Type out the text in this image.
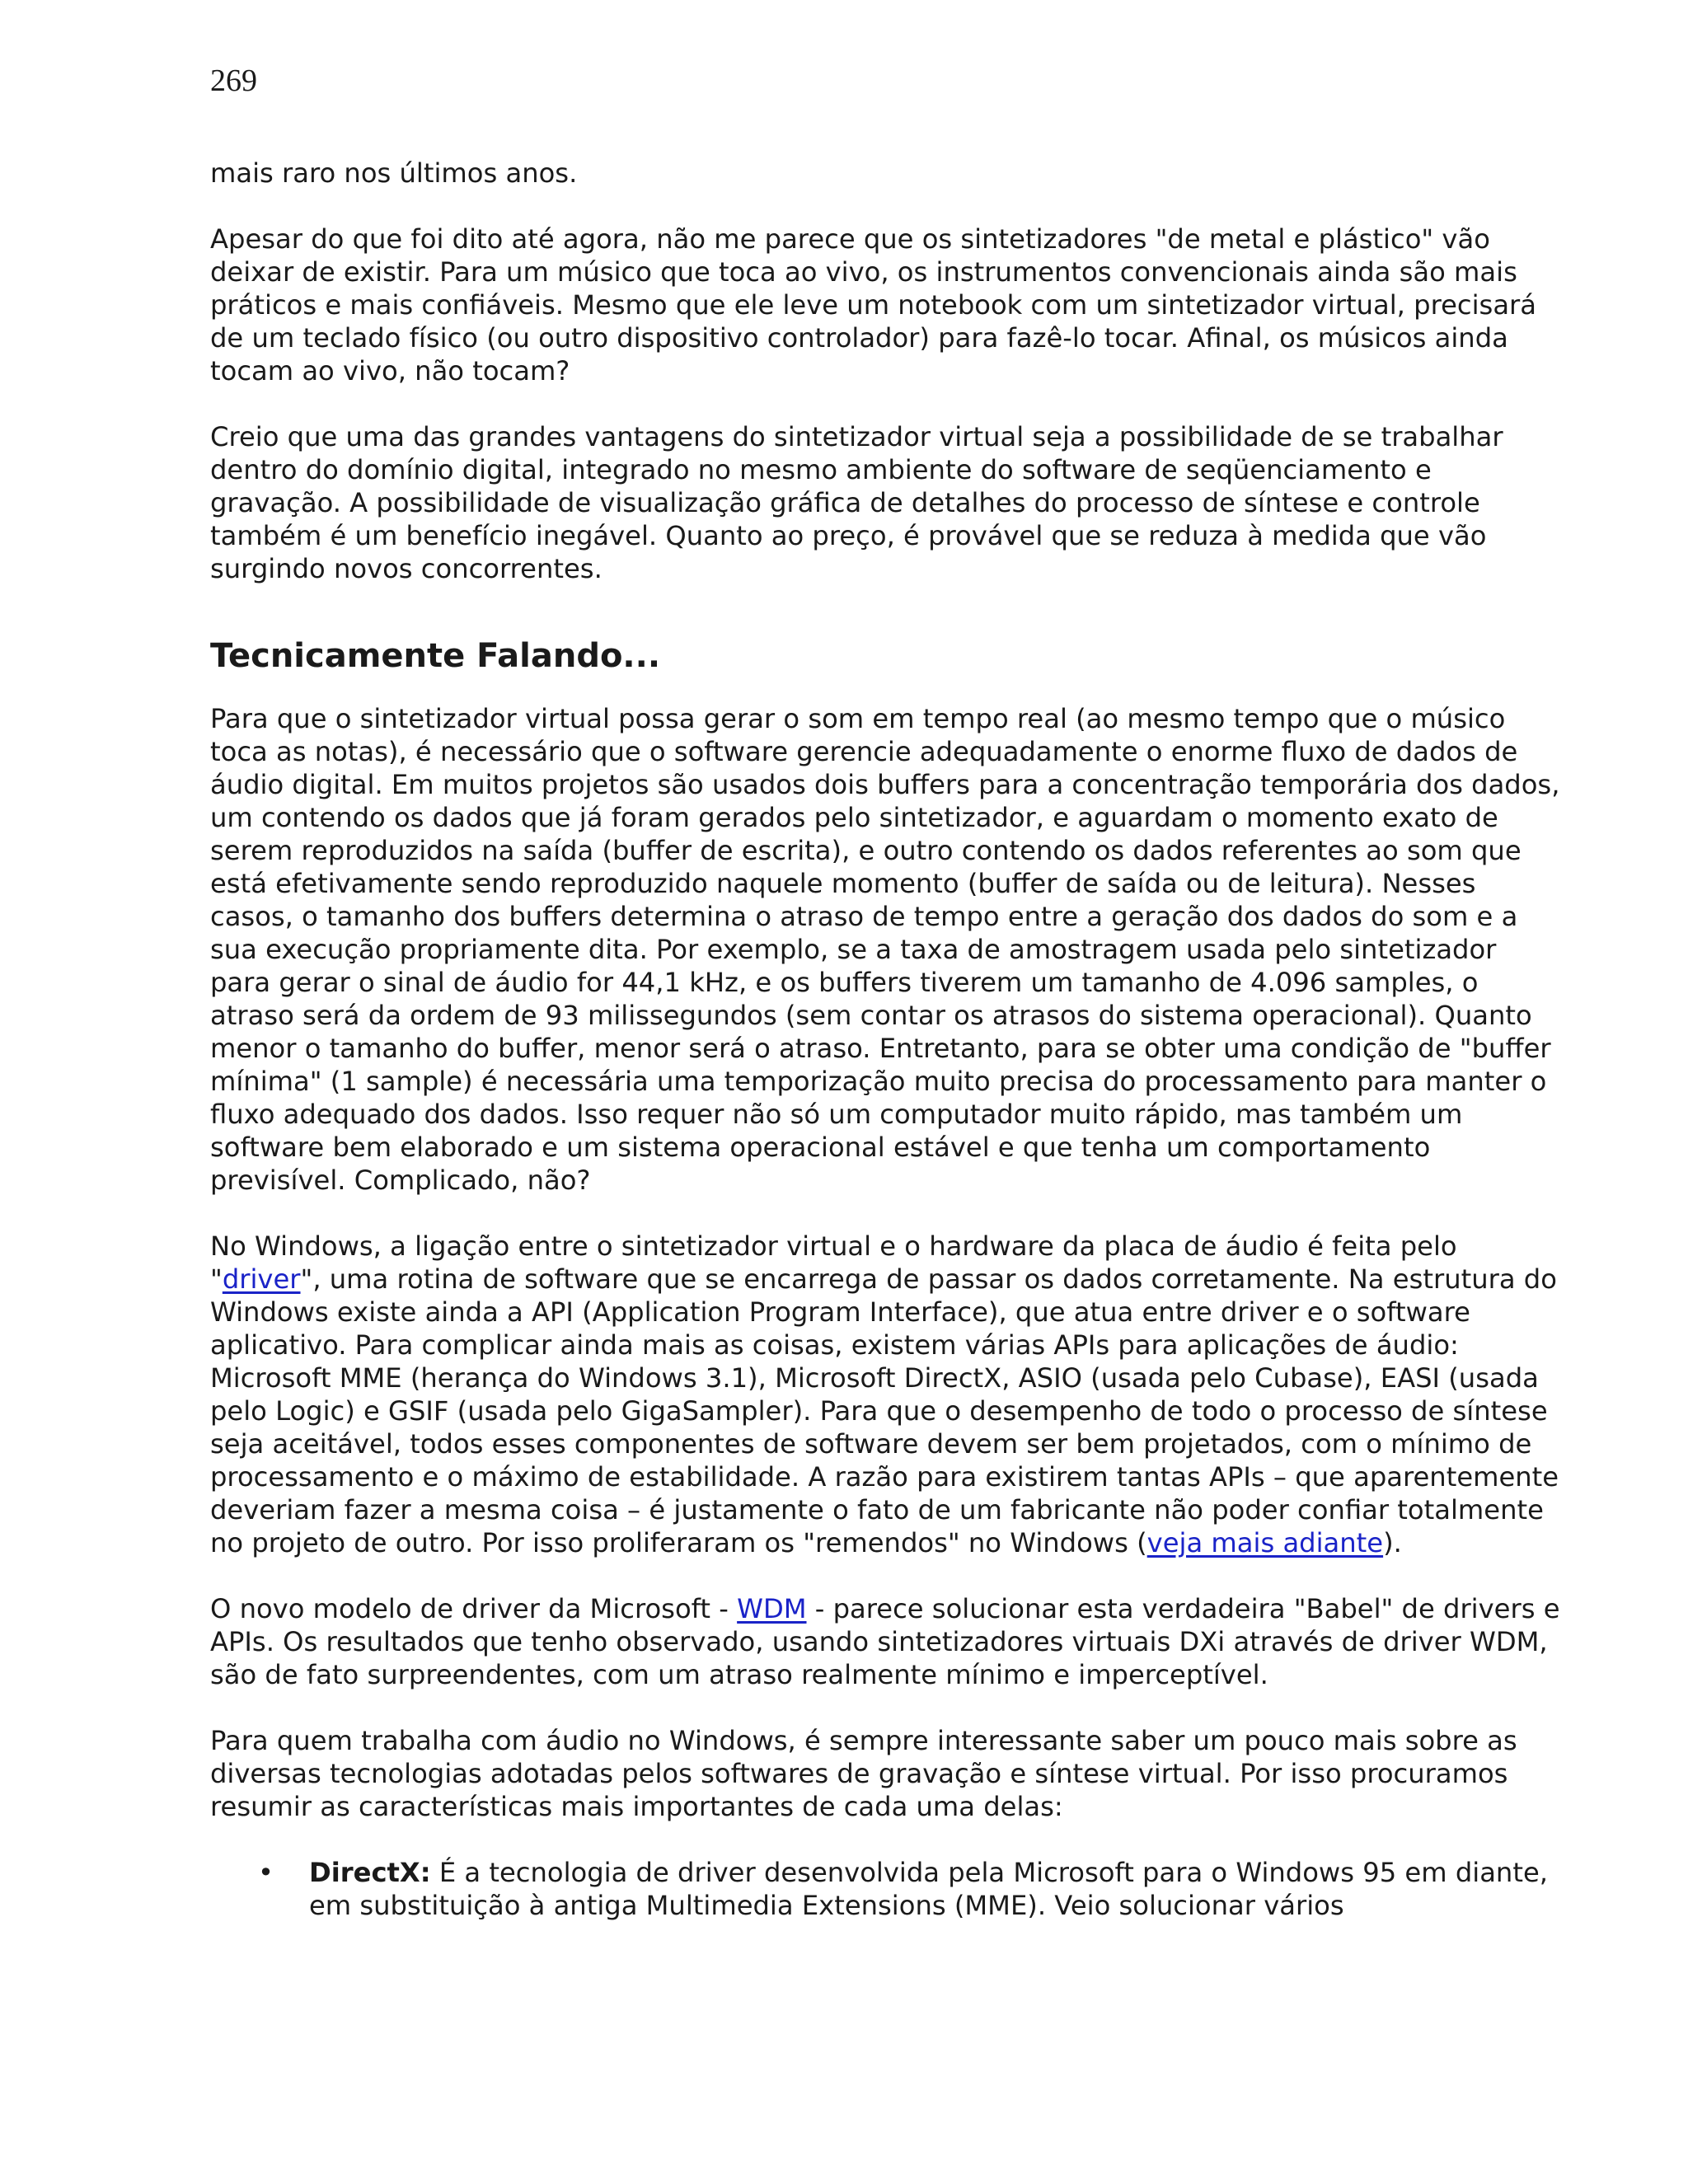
269

mais raro nos últimos anos.

Apesar do que foi dito até agora, não me parece que os sintetizadores "de metal e plástico" vão deixar de existir. Para um músico que toca ao vivo, os instrumentos convencionais ainda são mais práticos e mais confiáveis. Mesmo que ele leve um notebook com um sintetizador virtual, precisará de um teclado físico (ou outro dispositivo controlador) para fazê-lo tocar. Afinal, os músicos ainda tocam ao vivo, não tocam?

Creio que uma das grandes vantagens do sintetizador virtual seja a possibilidade de se trabalhar dentro do domínio digital, integrado no mesmo ambiente do software de seqüenciamento e gravação. A possibilidade de visualização gráfica de detalhes do processo de síntese e controle também é um benefício inegável. Quanto ao preço, é provável que se reduza à medida que vão surgindo novos concorrentes.

Tecnicamente Falando...

Para que o sintetizador virtual possa gerar o som em tempo real (ao mesmo tempo que o músico toca as notas), é necessário que o software gerencie adequadamente o enorme fluxo de dados de áudio digital. Em muitos projetos são usados dois buffers para a concentração temporária dos dados, um contendo os dados que já foram gerados pelo sintetizador, e aguardam o momento exato de serem reproduzidos na saída (buffer de escrita), e outro contendo os dados referentes ao som que está efetivamente sendo reproduzido naquele momento (buffer de saída ou de leitura). Nesses casos, o tamanho dos buffers determina o atraso de tempo entre a geração dos dados do som e a sua execução propriamente dita. Por exemplo, se a taxa de amostragem usada pelo sintetizador para gerar o sinal de áudio for 44,1 kHz, e os buffers tiverem um tamanho de 4.096 samples, o atraso será da ordem de 93 milissegundos (sem contar os atrasos do sistema operacional). Quanto menor o tamanho do buffer, menor será o atraso. Entretanto, para se obter uma condição de "buffer mínima" (1 sample) é necessária uma temporização muito precisa do processamento para manter o fluxo adequado dos dados. Isso requer não só um computador muito rápido, mas também um software bem elaborado e um sistema operacional estável e que tenha um comportamento previsível. Complicado, não?

No Windows, a ligação entre o sintetizador virtual e o hardware da placa de áudio é feita pelo "driver", uma rotina de software que se encarrega de passar os dados corretamente. Na estrutura do Windows existe ainda a API (Application Program Interface), que atua entre driver e o software aplicativo. Para complicar ainda mais as coisas, existem várias APIs para aplicações de áudio: Microsoft MME (herança do Windows 3.1), Microsoft DirectX, ASIO (usada pelo Cubase), EASI (usada pelo Logic) e GSIF (usada pelo GigaSampler). Para que o desempenho de todo o processo de síntese seja aceitável, todos esses componentes de software devem ser bem projetados, com o mínimo de processamento e o máximo de estabilidade. A razão para existirem tantas APIs – que aparentemente deveriam fazer a mesma coisa – é justamente o fato de um fabricante não poder confiar totalmente no projeto de outro. Por isso proliferaram os "remendos" no Windows (veja mais adiante).

O novo modelo de driver da Microsoft - WDM - parece solucionar esta verdadeira "Babel" de drivers e APIs. Os resultados que tenho observado, usando sintetizadores virtuais DXi através de driver WDM, são de fato surpreendentes, com um atraso realmente mínimo e imperceptível.

Para quem trabalha com áudio no Windows, é sempre interessante saber um pouco mais sobre as diversas tecnologias adotadas pelos softwares de gravação e síntese virtual. Por isso procuramos resumir as características mais importantes de cada uma delas:

• DirectX: É a tecnologia de driver desenvolvida pela Microsoft para o Windows 95 em diante, em substituição à antiga Multimedia Extensions (MME). Veio solucionar vários
